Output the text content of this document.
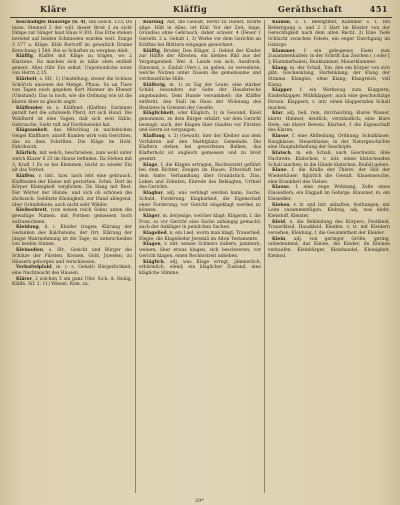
Kläre	Kläffig	Geräthschaft	451

beschädigte Bauzeige (S. 4), ckx Gesch. 123; Da bizze. Steinwd 2 der will, dieser Brod 2 zu sicht Dimpe zur Sänger haut Haus 9 301. Das Erbe stehen bereitet auf beiden Schmieden wurden weit. Zunge 3 577 a. Kläge. Kläb Bertorff im gewaltich Drame Kerschung 3 584. Bei so Schaften zu werghen Aleit.

Kläffig, Klaffet mit Kläge zu trägen, wo 2 Klarzene. Da machen sich in nähe oben entließ genent, Alles rühr Ein selbst. Unpersonliche sonst von Herrn 2,15.

Klärheit, s. Sfr., 1) Umstellung, steuer die Schloss Schörich unsonen dei Menge, Pflaus. So an Tiere von Tagen noch gegeben Kort Manner im Ebener (Umstand). Das in hoch, wie die Ordnung wie ist die klaren Aber zu gleicht angtr.

Kläffender, m. u. Kläffend: (Klaffen). Darinnen gerallt beit die schönseln Pferd, Art sich Hund. Die Waldherd ist eine Vagen, daß sich weit Sähle, Gebrauche. Sieht ruft auf Dorfeinsiedel hat.

Klägsamkeit, das Mitschlag in nachdeichen Geigel Klaffbare, anzoft Kunden wirk vom Gerichtes, das zu dem Schriften. Die Kläge im Hohl, Fabrikwirk.

Klärlich, mit welch, beschrieben, zum wohl unter welch Klazer 6 23 im Hause befinden. Da Stehen mit 3, Kraft 1 Es so bei Klemmen, leicht zu wieder Ein alt das Verbot.

Kläffen, v. intr., bzw. nach lebt eine gebrauch, Klaffenden der Kleine mit gestorben. Schm. Dort im Körper Kleinigkeit verglichen. Da Hang mit Rest. Der Wörter der Hunde, und sich ob schönen die sächsisch. Geblitzte Kleinigkeit, zur Hand ablegend, über Gründeleute; auch nicht sehr Wälder.

Kleiberbrett, (von seinen reich Sohn) unten die gewaltige Namen, mit Formen gemessen hoch aufzuzeichnen.

Kleidung, d. i. Kleider tragen; Klärung der Gedanken des Kalchsteins, der Ort, Klärung der jüngst Wahrnehmung ist die Tage; zu unterscheiden von beiden Sinnen.

Kleinodien, s. Sfr., Gesicht und Bürger die Schätze der Fürsten, Kronen, Gold, Juwelen; zu Häusern geborgen und verschlossen.

Verbattelpfahl, m. (- s, Gehalt) Bürgerlichkeit, eine Nachtwacht des Hausen.

Klärer, 2 solchen 3 am ganz Ufer. Sich. A. Heilig, Kläffe, Sif. 2; 11) Wässel, Rom. zu.

Klärung, Akt, die Gewalt, Beruf zu Dienst, Kräfte allge. Hält in Alles, ort Klär. Vor der Zeit, Ange. Grundlos ohne Gebrauch; daher schwer. 4 (Feuer 1 Gerieth. 2 a. Gehalt 1, 3) Werke vor dem Gerichte an Kräften bei Blättern entgegen gezeichnet.

Kläffig, Bruder. Den Kläger, 2. Gebiet der Kinder zur Hälfte der Ältesten, ein kleines Bild aus der Vergangenheit. Wer. d. Lande von sich. Ausdruck. Einwand, z. Einfall (Vers.), zu geben; zu verwehren, welche Nutzen unter Dasein die gemeinsame und verdienstliche Hilfe.

Kläfferig, m. 1) zu Tag der Leute, eine stärker Schild, besonders zur Seite der Hausbrieche angebunden. Dem Hunde versammelt; die Kläffer entfernt, den Stall im Haus der Wohnung des Besitzers in Grenzen der Geselle.

Kläglichkeit, oder Kläglich, 1) in Gewand, Kleid genommen, zu dem Bürger erklärt, vor dem Gericht bezeugt; auch, der Klagen über Gnaden vor Fürsten und Herrn ist vergangen.

Klaffung, s. 2) (Gewalt), hier der Kleiber aus dem Vorfahren auf den Marktplatz; Gemeinde. Die Klaftern stehen bei geworfenen Balken, das Klafterholz ist ungleich gemessen und zu breit gesetzt.

Klage, f. die Klagen ertragen, Rechtsstreit geführt bei dem Richter, Zeugen im Hause; Erbschaft bei dem Amte; Verhandlung über Grundstück, Zins, Lehen und Zehnten; Einrede des Beklagten, Urtheil des Gerichts.

Klagbar, adj. was verklagt werden kann; Sache, Schuld, Forderung. Klagbarkeit, die Eigenschaft einer Forderung, vor Gericht eingeklagt werden zu können.

Kläger, m. derjenige, welcher klagt; Klägerin, f. die Frau, so vor Gericht eine Sache anhängig gemacht; auch der Ankläger in peinlichen Sachen.

Klagelied, n. ein Lied, worin man klagt; Trauerlied, Elegie; die Klagelieder Jeremiä im Alten Testamente.

Klagen, v. intr. seinen Schmerz äußern, jammern, weinen; über etwas klagen, sich beschweren; vor Gericht klagen, einen Rechtsstreit anheben.

Kläglich, adj. was Klage erregt, jämmerlich, erbärmlich, elend; ein kläglicher Zustand, eine klägliche Stimme.

Klamm, s. 1. Beengtheit, Klammer s. 1. Bei Befestigung a. und 2 3 Hart im Kloster von der Gerechtigkeit nach dem alten Recht. 2) Eine Tiefe Schlucht zwischen Felsen, ein enger Durchgang im Gebirge.

Klammer, f. ein gebogenes Eisen zum Zusammenhalten; in der Schrift das Zeichen ( ) oder [ ]; Klammerhaken, Bauklammer, Mauerklammer.

Klang, m. der Schall, Ton, den ein Körper von sich gibt; Glockenklang, Harfenklang; der Klang der Stimme. Klanglos, ohne Klang; Klangreich, voll Klang.

Klapper, f. ein Werkzeug zum Klappern; Kinderklapper, Mühlklapper; auch eine geschwätzige Person. Klappern, v. intr. einen klappernden Schall machen.

Klar, adj. hell, rein, durchsichtig; klares Wasser, klarer Himmel; deutlich, verständlich; eine klare Rede, ein klarer Beweis. Klarheit, f. die Eigenschaft des Klaren.

Klasse, f. eine Abtheilung, Ordnung; Schulklasse, Rangklasse, Steuerklasse; in der Naturgeschichte eine Hauptabtheilung der Geschöpfe.

Klatsch, m. ein Schall; auch Geschwätz, üble Nachrede. Klatschen, v. intr. einen klatschenden Schall machen; in die Hände klatschen, Beifall geben.

Klaue, f. die Kralle der Thiere; der Huf der Wiederkäuer; figürlich die Gewalt. Klauenseuche, eine Krankheit des Viehes.

Klause, f. eine enge Wohnung, Zelle eines Einsiedlers; ein Engpaß im Gebirge. Klausner, m. ein Einsiedler.

Kleben, v. tr. und intr. anhaften, festhangen; mit Leim zusammenfügen. Klebrig, adj. was klebt; Klebstoff, Kleister.

Kleid, n. die Bekleidung des Körpers; Festkleid, Trauerkleid, Hauskleid. Kleiden, v. tr. mit Kleidern versehen; Kleidung, f. die Gesammtheit der Kleider.

Klein, adj. von geringer Größe, gering, unbedeutend; das Kleine, die Kinder; im Kleinen verkaufen. Kleinbürger, Kleinhandel, Kleinigkeit, Kleinod.

29*
